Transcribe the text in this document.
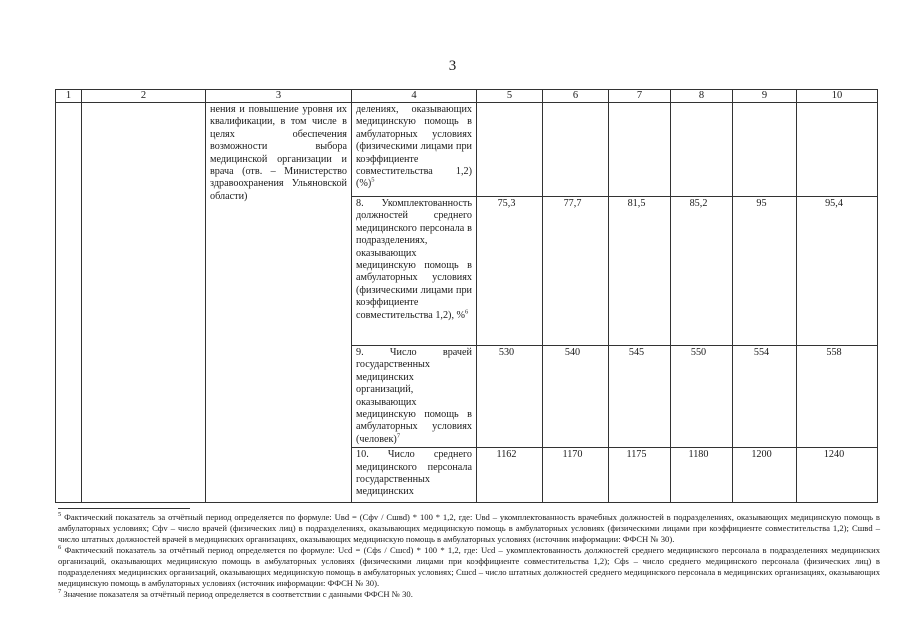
3
1	2	3	4	5	6	7	8	9	10
		нения и повышение уровня их квалификации, в том числе в целях обеспечения возможности выбора медицинской организации и врача (отв. – Министерство здравоохранения Ульяновской области)	делениях, оказывающих медицинскую помощь в амбулаторных условиях (физическими лицами при коэффициенте совместительства 1,2) (%)$^5$						
			8. Укомплектованность должностей среднего медицинского персонала в подразделениях, оказывающих медицинскую помощь в амбулаторных условиях (физическими лицами при коэффициенте совместительства 1,2), %$^6$	75,3	77,7	81,5	85,2	95	95,4
			9. Число врачей государственных медицинских организаций, оказывающих медицинскую помощь в амбулаторных условиях (человек)$^7$	530	540	545	550	554	558
			10. Число среднего медицинского персонала государственных медицинских	1162	1170	1175	1180	1200	1240

$^5$ Фактический показатель за отчётный период определяется по формуле: Uвd = (Cфv / Cшвd) * 100 * 1,2, где: Uвd – укомплектованность врачебных должностей в подразделениях, оказывающих медицинскую помощь в амбулаторных условиях; Cфv – число врачей (физических лиц) в подразделениях, оказывающих медицинскую помощь в амбулаторных условиях (физическими лицами при коэффициенте совместительства 1,2); Cшвd – число штатных должностей врачей в медицинских организациях, оказывающих медицинскую помощь в амбулаторных условиях (источник информации: ФФСН № 30).

$^6$ Фактический показатель за отчётный период определяется по формуле: Uсd = (Cфs / Cшсd) * 100 * 1,2, где: Uсd – укомплектованность должностей среднего медицинского персонала в подразделениях медицинских организаций, оказывающих медицинскую помощь в амбулаторных условиях (физическими лицами при коэффициенте совместительства 1,2); Cфs – число среднего медицинского персонала (физических лиц) в подразделениях медицинских организаций, оказывающих медицинскую помощь в амбулаторных условиях; Cшсd – число штатных должностей среднего медицинского персонала в медицинских организациях, оказывающих медицинскую помощь в амбулаторных условиях (источник информации: ФФСН № 30).

$^7$ Значение показателя за отчётный период определяется в соответствии с данными ФФСН № 30.
